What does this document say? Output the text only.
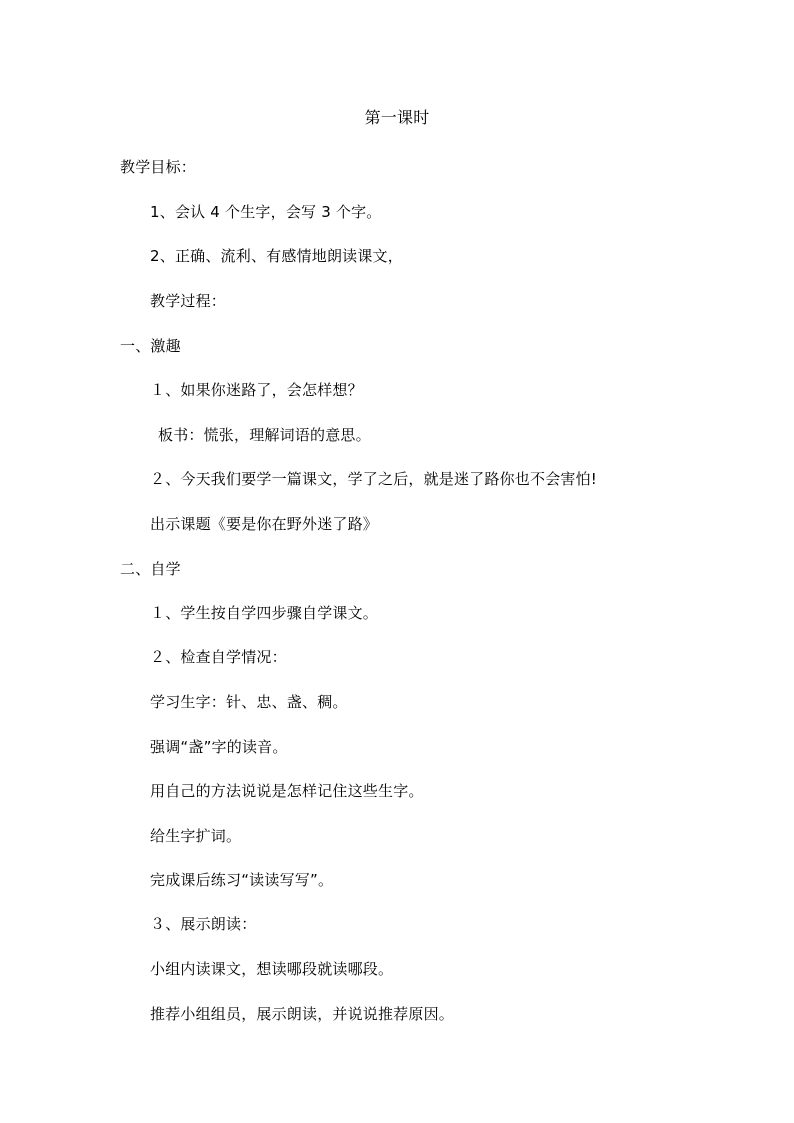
第一课时
教学目标：
1、会认 4 个生字，会写 3 个字。
2、正确、流利、有感情地朗读课文，
教学过程：
一、激趣
１、如果你迷路了，会怎样想？
板书：慌张，理解词语的意思。
２、今天我们要学一篇课文，学了之后，就是迷了路你也不会害怕!
出示课题《要是你在野外迷了路》
二、自学
１、学生按自学四步骤自学课文。
２、检查自学情况：
学习生字：针、忠、盏、稠。
强调“盏”字的读音。
用自己的方法说说是怎样记住这些生字。
给生字扩词。
完成课后练习“读读写写”。
３、展示朗读：
小组内读课文，想读哪段就读哪段。
推荐小组组员，展示朗读，并说说推荐原因。
